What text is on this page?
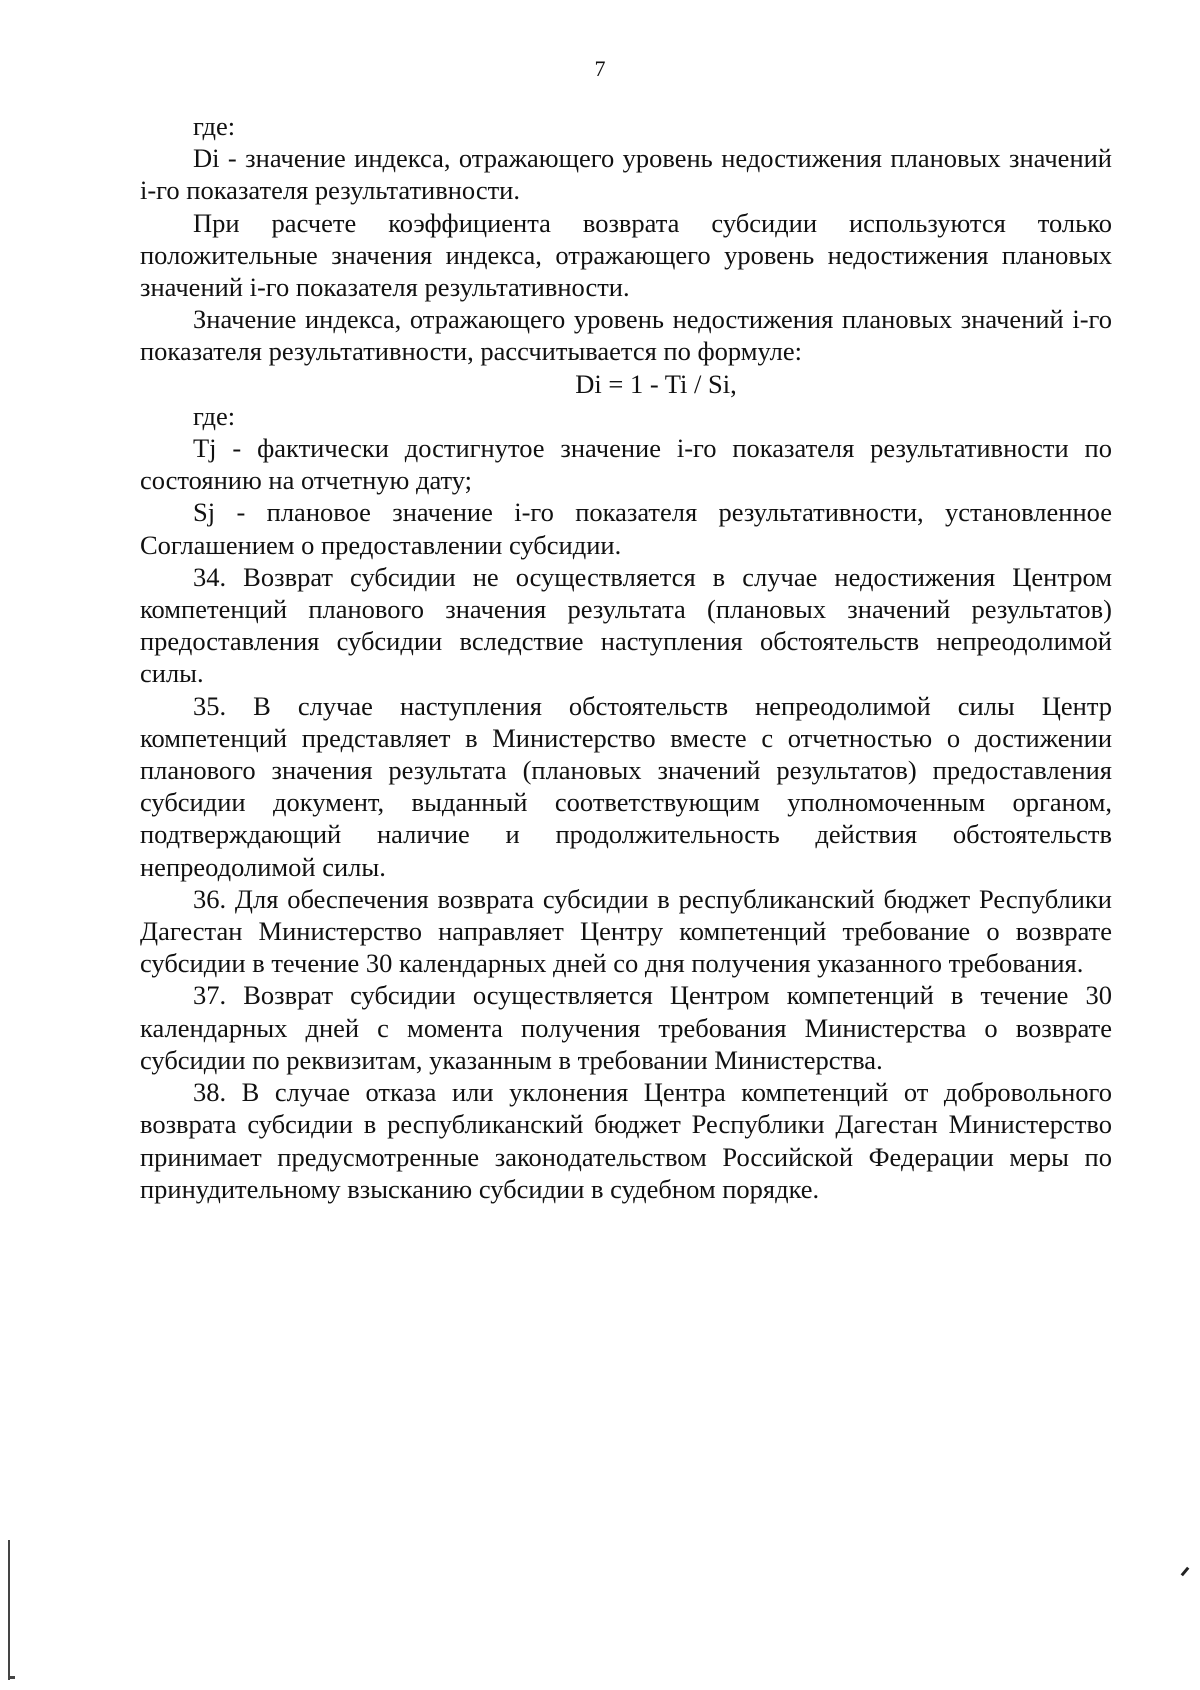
7

где:

Di - значение индекса, отражающего уровень недостижения плановых значений i-го показателя результативности.

При расчете коэффициента возврата субсидии используются только положительные значения индекса, отражающего уровень недостижения плановых значений i-го показателя результативности.

Значение индекса, отражающего уровень недостижения плановых значений i-го показателя результативности, рассчитывается по формуле:

Di = 1 - Ti / Si,

где:

Tj - фактически достигнутое значение i-го показателя результативности по состоянию на отчетную дату;

Sj - плановое значение i-го показателя результативности, установленное Соглашением о предоставлении субсидии.

34. Возврат субсидии не осуществляется в случае недостижения Центром компетенций планового значения результата (плановых значений результатов) предоставления субсидии вследствие наступления обстоятельств непреодолимой силы.

35. В случае наступления обстоятельств непреодолимой силы Центр компетенций представляет в Министерство вместе с отчетностью о достижении планового значения результата (плановых значений результатов) предоставления субсидии документ, выданный соответствующим уполномоченным органом, подтверждающий наличие и продолжительность действия обстоятельств непреодолимой силы.

36. Для обеспечения возврата субсидии в республиканский бюджет Республики Дагестан Министерство направляет Центру компетенций требование о возврате субсидии в течение 30 календарных дней со дня получения указанного требования.

37. Возврат субсидии осуществляется Центром компетенций в течение 30 календарных дней с момента получения требования Министерства о возврате субсидии по реквизитам, указанным в требовании Министерства.

38. В случае отказа или уклонения Центра компетенций от добровольного возврата субсидии в республиканский бюджет Республики Дагестан Министерство принимает предусмотренные законодательством Российской Федерации меры по принудительному взысканию субсидии в судебном порядке.
